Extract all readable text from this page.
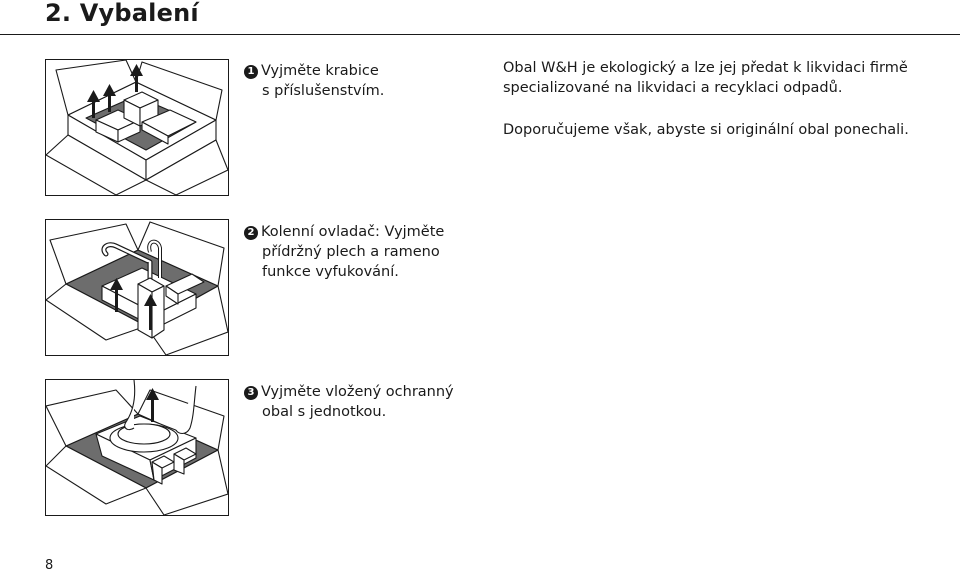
2. Vybalení
1 Vyjměte krabice
s příslušenstvím.
Obal W&H je ekologický a lze jej předat k likvidaci firmě
specializované na likvidaci a recyklaci odpadů.
Doporučujeme však, abyste si originální obal ponechali.
2 Kolenní ovladač: Vyjměte
přídržný plech a rameno
funkce vyfukování.
3 Vyjměte vložený ochranný
obal s jednotkou.
8
